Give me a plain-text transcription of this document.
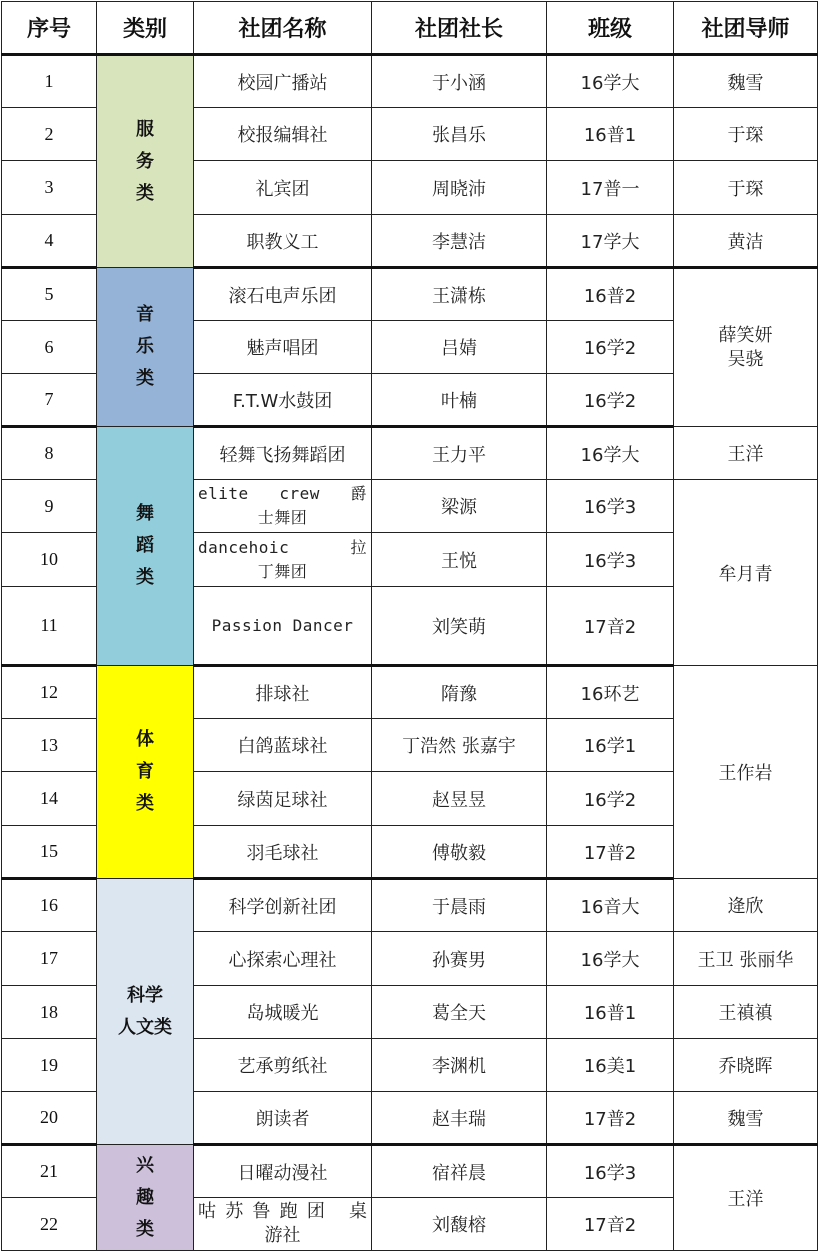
序号	类别	社团名称	社团社长	班级	社团导师
1	服务类	校园广播站	于小涵	16学大	魏雪
2		校报编辑社	张昌乐	16普1	于琛
3		礼宾团	周晓沛	17普一	于琛
4		职教义工	李慧洁	17学大	黄洁
5	音乐类	滚石电声乐团	王潇栋	16普2	薛笑妍
吴骁
6		魅声唱团	吕婧	16学2	
7		F.T.W水鼓团	叶楠	16学2	
8	舞蹈类	轻舞飞扬舞蹈团	王力平	16学大	王洋
9		elite crew 爵
士舞团	梁源	16学3	牟月青
10		dancehoic 拉
丁舞团	王悦	16学3	
11		Passion Dancer	刘笑萌	17音2	
12	体育类	排球社	隋豫	16环艺	王作岩
13		白鸽蓝球社	丁浩然 张嘉宇	16学1	
14		绿茵足球社	赵昱昱	16学2	
15		羽毛球社	傅敬毅	17普2	
16	科学
人文类	科学创新社团	于晨雨	16音大	逄欣
17		心探索心理社	孙赛男	16学大	王卫 张丽华
18		岛城暖光	葛全天	16普1	王禛禛
19		艺承剪纸社	李渊机	16美1	乔晓晖
20		朗读者	赵丰瑞	17普2	魏雪
21	兴趣类	日曜动漫社	宿祥晨	16学3	王洋
22		咕苏鲁跑团 桌
游社	刘馥榕	17音2	
